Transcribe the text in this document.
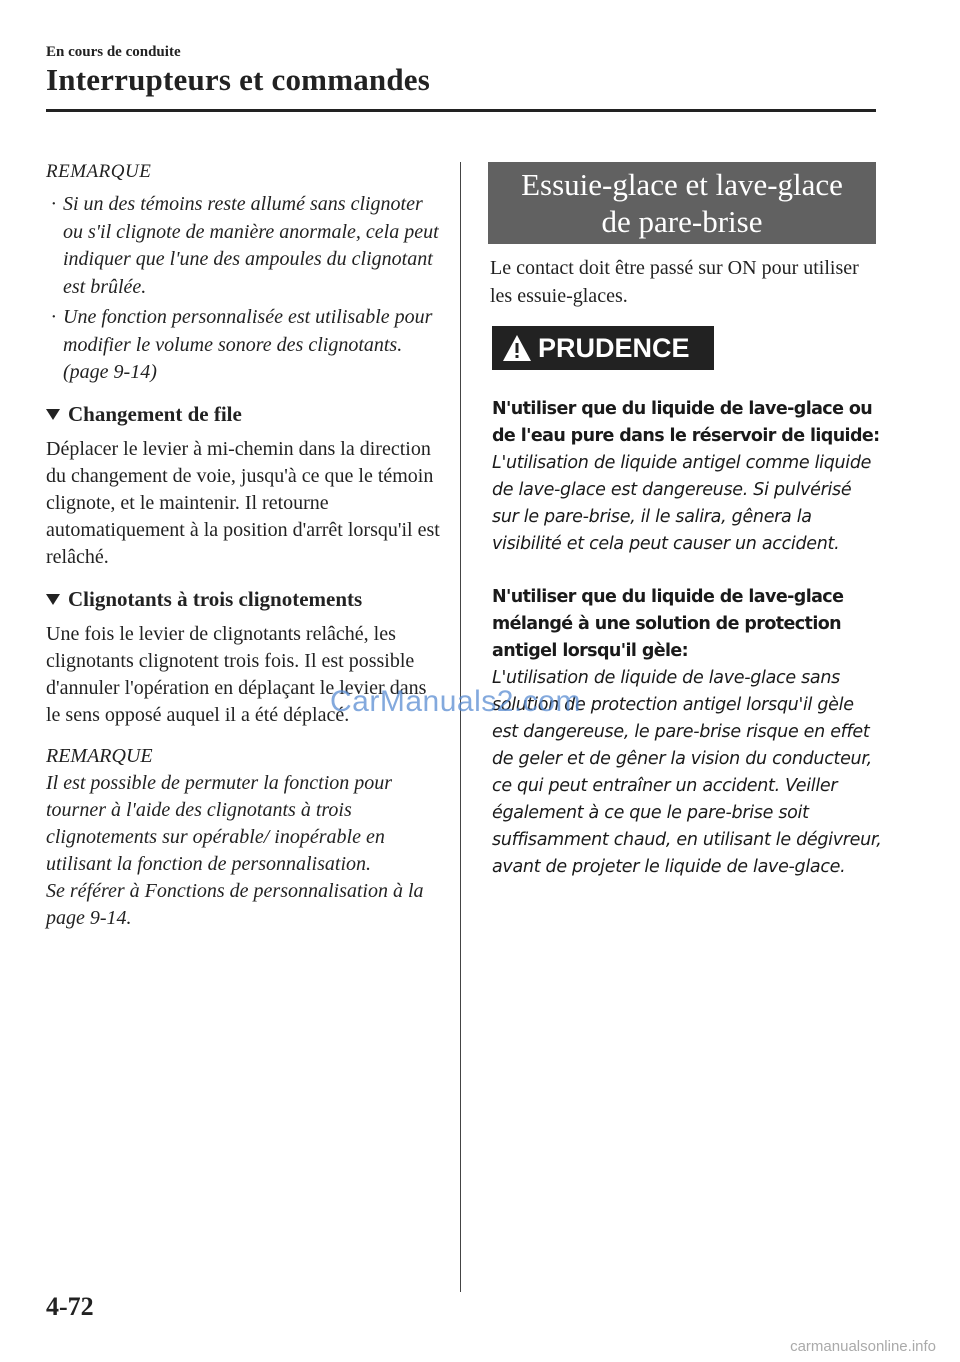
En cours de conduite
Interrupteurs et commandes

REMARQUE

· Si un des témoins reste allumé sans clignoter ou s'il clignote de manière anormale, cela peut indiquer que l'une des ampoules du clignotant est brûlée.
· Une fonction personnalisée est utilisable pour modifier le volume sonore des clignotants. (page 9-14)
Changement de file

Déplacer le levier à mi-chemin dans la direction du changement de voie, jusqu'à ce que le témoin clignote, et le maintenir. Il retourne automatiquement à la position d'arrêt lorsqu'il est relâché.

Clignotants à trois clignotements

Une fois le levier de clignotants relâché, les clignotants clignotent trois fois. Il est possible d'annuler l'opération en déplaçant le levier dans le sens opposé auquel il a été déplacé.

REMARQUE

Il est possible de permuter la fonction pour tourner à l'aide des clignotants à trois clignotements sur opérable/ inopérable en utilisant la fonction de personnalisation.

Se référer à Fonctions de personnalisation à la page 9-14.

Essuie-glace et lave-glace
de pare-brise
Le contact doit être passé sur ON pour utiliser les essuie-glaces.
PRUDENCE
N'utiliser que du liquide de lave-glace ou de l'eau pure dans le réservoir de liquide:
L'utilisation de liquide antigel comme liquide de lave-glace est dangereuse. Si pulvérisé sur le pare-brise, il le salira, gênera la visibilité et cela peut causer un accident.
N'utiliser que du liquide de lave-glace mélangé à une solution de protection antigel lorsqu'il gèle:
L'utilisation de liquide de lave-glace sans solution de protection antigel lorsqu'il gèle est dangereuse, le pare-brise risque en effet de geler et de gêner la vision du conducteur, ce qui peut entraîner un accident. Veiller également à ce que le pare-brise soit suffisamment chaud, en utilisant le dégivreur, avant de projeter le liquide de lave-glace.
CarManuals2.com
4-72
carmanualsonline.info
